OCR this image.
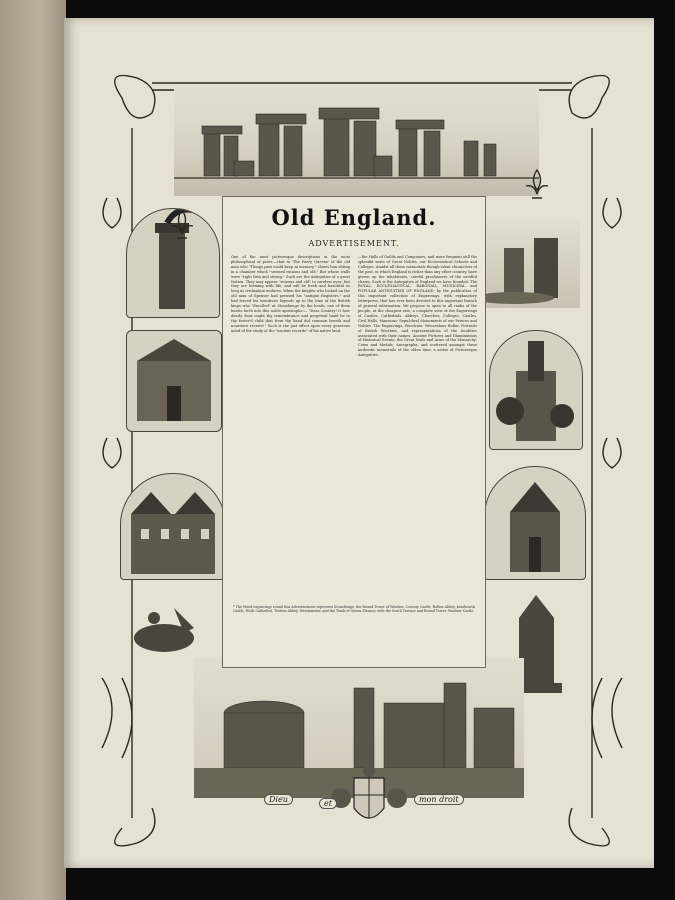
Old England.
ADVERTISEMENT.
One of the most picturesque descriptions in the most philosophical of poets,—that in 'The Faery Queene' of the old man who "Things past could keep in memory," shows him sitting in a chamber which "seemed ruinous and old." But whose walls were "right firm and strong." Such are the Antiquities of a great Nation. They may appear "ruinous and old" to careless eyes; but they are teeming with life, and will be fresh and beautiful as long as civilization endures. When the knights who looked on the old man of Spenser had perused his "antique Registers," and had traced his wondrous legends up to the time of the British kings who "Enrolled" at Stonehenge by the heath, one of them bursts forth into this noble apostrophe:— "Dear Country! O how dearly dear ought thy remembrance and perpetual band be to thy foster'd child that from thy hand did common breath and nouriture receive!" Such is the just effect upon every generous mind of the study of the "ancient records" of his native land.
—the Halls of Guilds and Companies; and more frequent still the splendid seats of Great Nobles, our Ecclesiastical Schools and Colleges. Amidst all those memorials though silent chroniclers of the past, in which England is richer than any other country, have grown up the inhabitants, careful proclaimers of the needful charm. Such is the Antiquities of England we have founded. The ROYAL, ECCLESIASTICAL, BARONIAL, MUNICIPAL and POPULAR ANTIQUITIES OF ENGLAND, by the publication of this important collection of Engravings, with explanatory letterpress, that has ever been devoted to this important branch of general information. We propose to open to all ranks of the people, at the cheapest rate, a complete view of the Engravings of Castles, Cathedrals, Abbeys, Churches, Colleges, Castles, Civil Halls, Mansions; Sepulchral Monuments of our Princes and Nobles. The Engravings, Woodcuts, Wenceslaus Hollar, Portraits of British Worthies, and representations of the localities associated with their names. Ancient Pictures and Illuminations of Historical Events; the Great Seals and Arms of the Monarchy; Coins and Medals; Autographs; and scattered amongst these authentic memorials of the olden time, a series of Picturesque Antiquities.
* The Wood-engravings round this Advertisement represent Stonehenge, the Round Tower of Windsor, Conway Castle, Bolton Abbey, Kenilworth Castle, Wells Cathedral, Tintern Abbey, Westminster, and the Tomb of Queen Eleanor, with the South Terrace and Round Tower, Windsor Castle.
Dieu	et	mon droit
